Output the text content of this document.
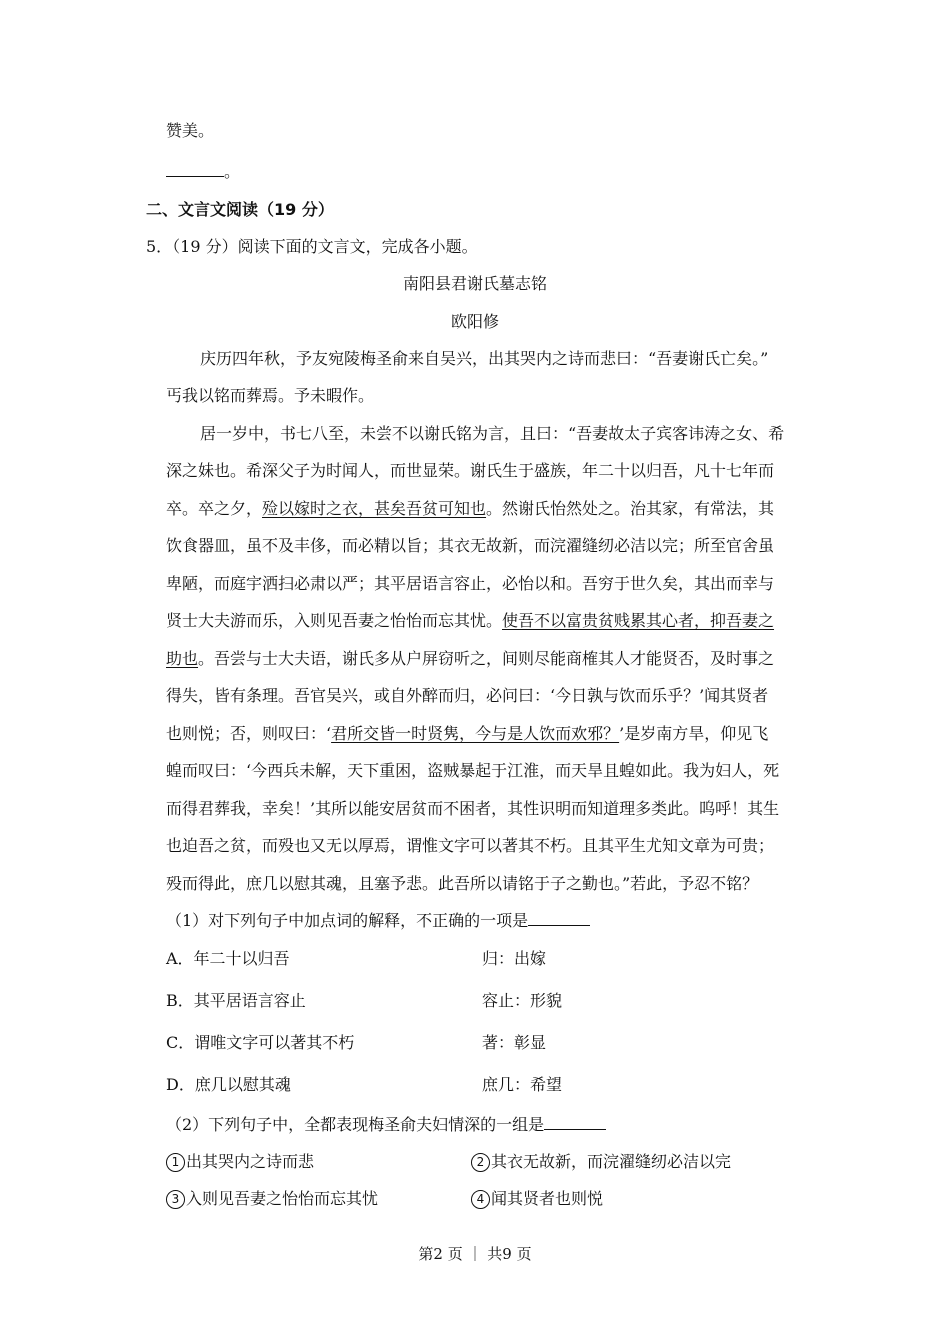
赞美。
。
二、文言文阅读（19 分）
5．（19 分）阅读下面的文言文，完成各小题。
南阳县君谢氏墓志铭
欧阳修
庆历四年秋，予友宛陵梅圣俞来自吴兴，出其哭内之诗而悲曰：“吾妻谢氏亡矣。”
丐我以铭而葬焉。予未暇作。
居一岁中，书七八至，未尝不以谢氏铭为言，且曰：“吾妻故太子宾客讳涛之女、希
深之妹也。希深父子为时闻人，而世显荣。谢氏生于盛族，年二十以归吾，凡十七年而
卒。卒之夕，殓以嫁时之衣，甚矣吾贫可知也。然谢氏怡然处之。治其家，有常法，其
饮食器皿，虽不及丰侈，而必精以旨；其衣无故新，而浣濯缝纫必洁以完；所至官舍虽
卑陋，而庭宇洒扫必肃以严；其平居语言容止，必怡以和。吾穷于世久矣，其出而幸与
贤士大夫游而乐，入则见吾妻之怡怡而忘其忧。使吾不以富贵贫贱累其心者，抑吾妻之
助也。吾尝与士大夫语，谢氏多从户屏窃听之，间则尽能商榷其人才能贤否，及时事之
得失，皆有条理。吾官吴兴，或自外醉而归，必问曰：‘今日孰与饮而乐乎？’闻其贤者
也则悦；否，则叹曰：‘君所交皆一时贤隽，今与是人饮而欢邪？’是岁南方旱，仰见飞
蝗而叹曰：‘今西兵未解，天下重困，盗贼暴起于江淮，而天旱且蝗如此。我为妇人，死
而得君葬我，幸矣！’其所以能安居贫而不困者，其性识明而知道理多类此。呜呼！其生
也迫吾之贫，而殁也又无以厚焉，谓惟文字可以著其不朽。且其平生尤知文章为可贵；
殁而得此，庶几以慰其魂，且塞予悲。此吾所以请铭于子之勤也。”若此，予忍不铭？
（1）对下列句子中加点词的解释，不正确的一项是
A．年二十以归吾	归：出嫁
B．其平居语言容止	容止：形貌
C．谓唯文字可以著其不朽	著：彰显
D．庶几以慰其魂	庶几：希望
（2）下列句子中，全都表现梅圣俞夫妇情深的一组是
1 出其哭内之诗而悲	2 其衣无故新，而浣濯缝纫必洁以完
3 入则见吾妻之怡怡而忘其忧	4 闻其贤者也则悦
第2 页 ｜ 共9 页
